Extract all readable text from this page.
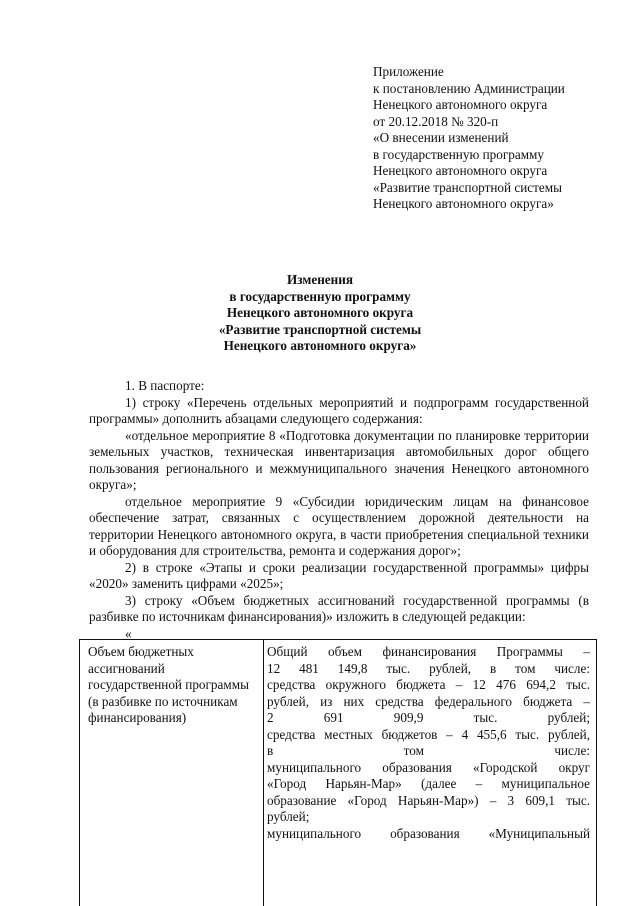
Приложение
к постановлению Администрации
Ненецкого автономного округа
от 20.12.2018 № 320-п
«О внесении изменений
в государственную программу
Ненецкого автономного округа
«Развитие транспортной системы
Ненецкого автономного округа»
Изменения
в государственную программу
Ненецкого автономного округа
«Развитие транспортной системы
Ненецкого автономного округа»
1. В паспорте:
1) строку «Перечень отдельных мероприятий и подпрограмм государственной программы» дополнить абзацами следующего содержания:
«отдельное мероприятие 8 «Подготовка документации по планировке территории земельных участков, техническая инвентаризация автомобильных дорог общего пользования регионального и межмуниципального значения Ненецкого автономного округа»;
отдельное мероприятие 9 «Субсидии юридическим лицам на финансовое обеспечение затрат, связанных с осуществлением дорожной деятельности на территории Ненецкого автономного округа, в части приобретения специальной техники и оборудования для строительства, ремонта и содержания дорог»;
2) в строке «Этапы и сроки реализации государственной программы» цифры «2020» заменить цифрами «2025»;
3) строку «Объем бюджетных ассигнований государственной программы (в разбивке по источникам финансирования)» изложить в следующей редакции:
«
Объем бюджетных ассигнований государственной программы (в разбивке по источникам финансирования)
Общий объем финансирования Программы –
12 481 149,8 тыс. рублей, в том числе:
средства окружного бюджета – 12 476 694,2 тыс.
рублей, из них средства федерального бюджета –
2 691 909,9 тыс. рублей;
средства местных бюджетов – 4 455,6 тыс. рублей,
в том числе:
муниципального образования «Городской округ
«Город Нарьян-Мар» (далее – муниципальное
образование «Город Нарьян-Мар») – 3 609,1 тыс.
рублей;
муниципального образования «Муниципальный
